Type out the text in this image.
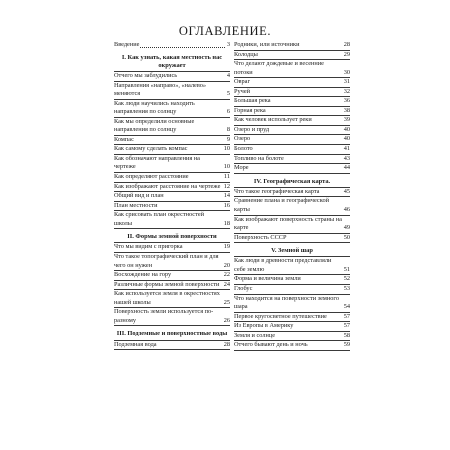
ОГЛАВЛЕНИЕ.
Введение	3
I. Как узнать, какая местность нас окружает
Отчего мы заблудились	4
Направления «направо», «налево» меняются	5
Как люди научились находить направления по солнцу	6
Как мы определили основные направления по солнцу	8
Компас	9
Как самому сделать компас	10
Как обозначают направления на чертеже	10
Как определяют расстояние	11
Как изображают расстояние на чертеже 12
Общий вид и план	14
План местности	16
Как срисовать план окрестностей школы	18
II. Формы земной поверхности
Что мы видим с пригорка	19
Что такое топографический план и для чего он нужен	20
Восхождение на гору	22
Различные формы земной поверхности 24
Как используется земля в окрестностях нашей школы	25
Поверхность земли используется по-разному	26
III. Подземные и поверхностные воды
Подземная вода	28
Родники, или источники	28
Колодцы	29
Что делают дождевые и весенние потоки	30
Овраг	31
Ручей	32
Большая река	36
Горная река	38
Как человек использует реки	39
Озеро и пруд	40
Озеро	40
Болото	41
Топливо на болоте	43
Море	44
IV. Географическая карта.
Что такое географическая карта	45
Сравнение плана и географической карты	46
Как изображают поверхность страны на карте	49
Поверхность СССР	50
V. Земной шар
Как люди в древности представляли себе землю	51
Форма и величина земли	52
Глобус	53
Что находится на поверхности земного шара	54
Первое кругосветное путешествие	57
Из Европы в Америку	57
Земля и солнце	58
Отчего бывают день и ночь	59
